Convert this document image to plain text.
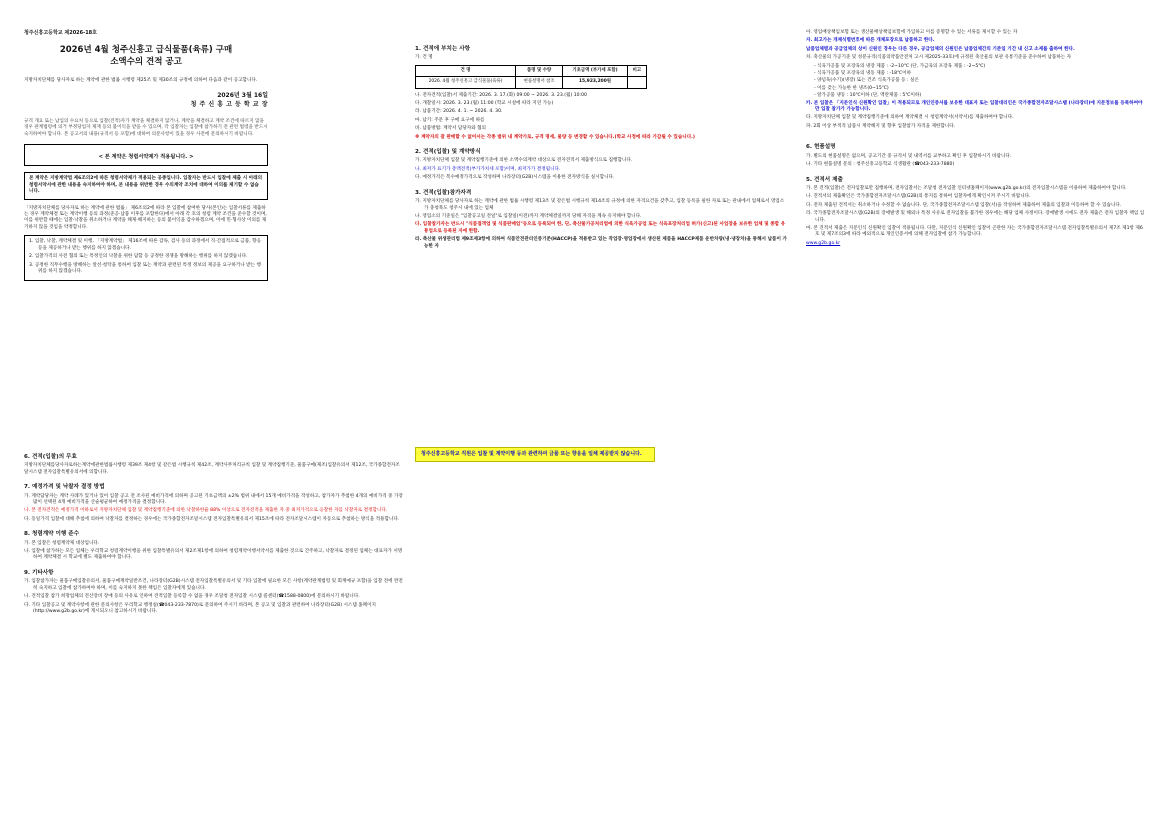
청주신흥고등학교 제2026-18호
2026년 4월 청주신흥고 급식물품(육류) 구매
소액수의 견적 공고
지방자치단체를 당사자로 하는 계약에 관한 법률 시행령 제25조 및 제30조의 규정에 의하여 다음과 같이 공고합니다.
2026년 3월 16일
청 주 신 흥 고 등 학 교 장
규격 개요 또는 납입의 수요처 등으로 입찰(견적)자가 계약을 체결하지 않거나, 계약을 체결하고 계약 조건에 따르지 않을 경우 관계법령에 의거 부정당업자 제재 등의 불이익을 받을 수 있으며, 각 입찰자는 입찰에 참가하기 전 관련 법령을 반드시 숙지하여야 합니다. 본 공고서의 내용(규격서 등 포함)에 대하여 의문사항이 있을 경우 사전에 문의하시기 바랍니다.
< 본 계약은 청렴서약제가 적용됩니다. >
본 계약은 지방계약법 제6조의2에 따른 청렴서약제가 적용되는 공종입니다. 입찰자는 반드시 입찰에 제출 시 아래의 청렴서약서에 관한 내용을 숙지하여야 하며, 본 내용을 위반한 경우 수의계약 조치에 대하여 이의를 제기할 수 없습니다.
「지방자치단체를 당사자로 하는 계약에 관한 법률」 제6조의2에 따라 본 입찰에 참여한 당사(본인)는 입찰서류를 제출하는 경우 계약체결 또는 계약이행 등의 과정(준공·납품 이후를 포함한다)에서 아래 각 호의 청렴 계약 조건을 준수할 것이며, 이를 위반할 때에는 입찰·낙찰을 취소하거나 계약을 해제·해지하는 등의 불이익을 감수하겠으며, 이에 민·형사상 이의를 제기하지 않을 것임을 약정합니다.
1. 입찰, 낙찰, 계약체결 및 이행, 「지방계약법」 제16조에 따른 감독, 검사 등의 과정에서 직·간접적으로 금품, 향응 등을 제공하거나 받는 행위를 하지 않겠습니다.
2. 입찰가격의 사전 협의 또는 특정인의 낙찰을 위한 담합 등 공정한 경쟁을 방해하는 행위를 하지 않겠습니다.
3. 공정한 직무수행을 방해하는 알선·청탁을 통하여 입찰 또는 계약과 관련된 특정 정보의 제공을 요구하거나 받는 행위를 하지 않겠습니다.
1. 견적에 부치는 사항
가. 건 명
건 명	품명 및 수량	기초금액 (부가세 포함)	비고
2026. 4월 청주신흥고 급식물품(육류)	현품설명서 참조	15,923,200원	
나. 전자견적(입찰)서 제출기간: 2026. 3. 17.(화) 09:00 ~ 2026. 3. 23.(월) 10:00
다. 개찰일시: 2026. 3. 23.(월) 11:00 (학교 시설에 따라 지연 가능)
라. 납품기간: 2026. 4. 1. ~ 2026. 4. 30.
마. 납기: 주문 후 구매 요구에 따름
바. 납품방법: 계약서 담당자와 협의
※ 계약자의 잘 판매할 수 없어서는 각종 범위 내 계약가로, 규격 명세, 물량 등 변경할 수 있습니다.(학교 사정에 따라 가감될 수 있습니다.)
2. 견적(입찰) 및 계약방식
가. 지방자치단체 입찰 및 계약집행기준에 의한 소액수의계약 대상으로 전자견적서 제출방식으로 집행합니다.
나. 최저가 표기가 총액견적(부가가치세 포함)이며, 최저가가 결정됩니다.
다. 예정가격은 복수예정가격으로 작성하며 나라장터(G2B)시스템을 이용한 전자방식을 실시합니다.
3. 견적(입찰)참가자격
가. 지방자치단체를 당사자로 하는 계약에 관한 법률 시행령 제13조 및 같은법 시행규칙 제14조의 규정에 의한 자격요건을 갖추고, 입찰 등록을 필한 자로 또는 관내에서 업체로서 영업소가 충청북도 청주시 내에 있는 업체
나. 영업소의 기준일은 "입찰공고일 전일"로 입찰일(이전)까지 계약체결일까지 당해 자격을 계속 유지해야 합니다.
다. 입찰참가자는 반드시 "식품접객업 및 식품판매업"등으로 등록되어 한, 단, 축산물가공처리법에 의한 식육가공업 또는 식육포장처리업 허가(신고)된 사업장을 보유한 업체 및 종합 유통업으로 등록된 자에 한함.
라. 축산물 위생관리법 제9조제3항에 의하여 식품안전관리인증기준(HACCP)을 적용받고 있는 작업장·영업장에서 생산된 제품을 HACCP제품 운반차량(냉·냉장차)을 통해서 납품이 가능한 자
아. 영업배상책임보험 또는 생산물배상책임보험에 가입하고 이를 증명할 수 있는 서류를 제시할 수 있는 자
자. 최고가는 개체식별번호에 따른 개체포장으로 납품하고 한다.
납품업체별과 공급업체의 상이 신원인 경우는 다른 경우, 공급업체의 신원인은 납품업체간의 기준일 기간 내 신고 소재를 출하여 한다.
차. 축산물의 가공기준 및 성분규격(식품의약품안전처 고시 제2025-33호)에 규정된 축산물의 보관 유통기준을 준수하여 납품하는 자
- 식육가공품 및 포장육의 냉장 제품 : -2~10℃ (단, 가금육의 포장육 제품 : -2~5℃)
- 식육가공품 및 포장육의 냉동 제품 : -18℃이하
- 양념육(수기)(냉장) 또는 건조 식육가공품 등 : 실온
- 이를 갖는 가능한 한 냉조(0~15℃)
- 알가공품 냉동 : 10℃이하 (단, 액란제품 : 5℃이하)
카. 본 입찰은 「지문인식 신원확인 입찰」이 적용되므로 개인인증서를 보유한 대표자 또는 입찰대리인은 국가종합전자조달시스템 (나라장터)에 지문정보를 등록하여야만 입찰 참가가 가능합니다.
타. 지방자치단체 입찰 및 계약집행기준에 의하여 계약체결 시 청렴계약서(서약서)를 제출하여야 합니다.
파. 2회 이상 부적격 납품시 계약해지 및 향후 입찰참가 자격을 제한합니다.
6. 현품설명
가. 별도의 현품설명은 없으며, 공고기간 중 규격서 및 내역서를 교부하고 확인 후 입찰하시기 바랍니다.
나. 기타 현품설명 문의 : 청주신흥고등학교 식생활관 (☎043-233-7880)
5. 견적서 제출
가. 본 견적(입찰)은 전자입찰로만 집행하며, 전자입찰서는 조달청 전자입찰 인터넷홈페이지(www.g2b.go.kr)의 전자입찰시스템을 이용하여 제출하여야 합니다.
나. 견적서의 제출확인은 국가종합전자조달시스템(G2B)의 통지를 통하여 입찰자에게 확인시켜 주시기 바랍니다.
다. 전자 제출된 견적서는 취소하거나 수정할 수 없습니다. 단, 국가종합전자조달시스템 입찰(서)을 작성하여 제출하여 제출의 입찰과 이동하여 할 수 있습니다.
라. 국가종합전자조달시스템(G2B)의 장애발생 및 해외나 특정 사유로 전자입찰을 불가한 경우에는 해당 업체 사정이다. 장애발생 시에도 전자 제출은 전자 입찰자 책임 입니다.
마. 본 견적서 제출은 지문인식 신원확인 입찰이 적용됩니다. 다만, 지문인식 신원확인 입찰이 곤란한 자는 국가종합전자조달시스템 전자입찰특별유의서 제7조 제1항 제6호 및 제7조의3에 따라 예외적으로 개인인증서에 의해 전자입찰에 참가 가능합니다.
www.g2b.go.kr
6. 견적(입찰)의 무효
지방자치단체를당사자로하는계약에관한법률시행령 제39조 제4항 및 같은법 시행규칙 제42조, 계약사무처리규칙 입찰 및 계약집행기준, 물품구매(제조)입찰유의서 제12조, 국가종합전자조달시스템 전자입찰특별유의서에 의합니다.
7. 예정가격 및 낙찰자 결정 방법
가. 계약담당자는 계약 사례가 있거나 있어 입찰 공고 전 조사된 예비가격에 의하며 공고된 기초금액의 ±2% 범위 내에서 15개 예비가격을 작성하고, 참가자가 추첨한 4개의 예비가격 중 가장 많이 선택된 4개 예비가격을 산술평균하여 예정가격을 결정합니다.
나. 본 전자견적은 예정가격 이하로서 지방자치단체 입찰 및 계약집행기준에 의한 낙찰하한율 88% 이상으로 전자견적을 제출한 자 중 최저가격으로 응찰한 자를 낙찰자로 결정합니다.
다. 동일가격 입찰에 대해 추첨에 의하여 낙찰자를 결정하는 경우에는 국가종합전자조달시스템 전자입찰특별유의서 제15조에 따라 전자조달시스템이 자동으로 추첨하는 방식을 적용합니다.
8. 청렴계약 이행 준수
가. 본 입찰은 청렴계약제 대상입니다.
나. 입찰에 참가하는 모든 업체는 우리학교 청렴계약이행을 위한 입찰특별유의서 제2조제1항에 의하여 청렴계약이행서약서를 제출한 것으로 간주하고, 낙찰자로 결정된 업체는 대표자가 서명하여 계약체결 시 학교에 별도 제출하여야 합니다.
9. 기타사항
가. 입찰참가자는 물품구매입찰유의서, 물품구매계약일반조건, 나라장터(G2B)시스템 전자입찰특별유의서 및 기타 입찰에 필요한 모든 사항(계약관계법령 및 회계예규 포함)을 입찰 전에 완전히 숙지하고 입찰에 참가하여야 하며, 이를 숙지하지 못한 책임은 입찰자에게 있습니다.
나. 견적입찰 참가 희망업체의 전산장비 장애 등의 사유로 인하여 견적입찰 등록할 수 없을 경우 조달청 전자입찰 시스템 콜센터(☎1588-0800)에 문의하시기 바랍니다.
다. 기타 입찰공고 및 계약사항에 관한 문의사항은 우리학교 행정실(☎043-233-7870)로 문의하여 주시기 바라며, 본 공고 및 입찰과 관련하여 나라장터(G2B) 시스템 홈페이지(http://www.g2b.go.kr)에 게시되오니 참고하시기 바랍니다.
청주신흥고등학교 직원은 입찰 및 계약이행 등과 관련하여 금품 또는 향응을 일체 제공받지 않습니다.
